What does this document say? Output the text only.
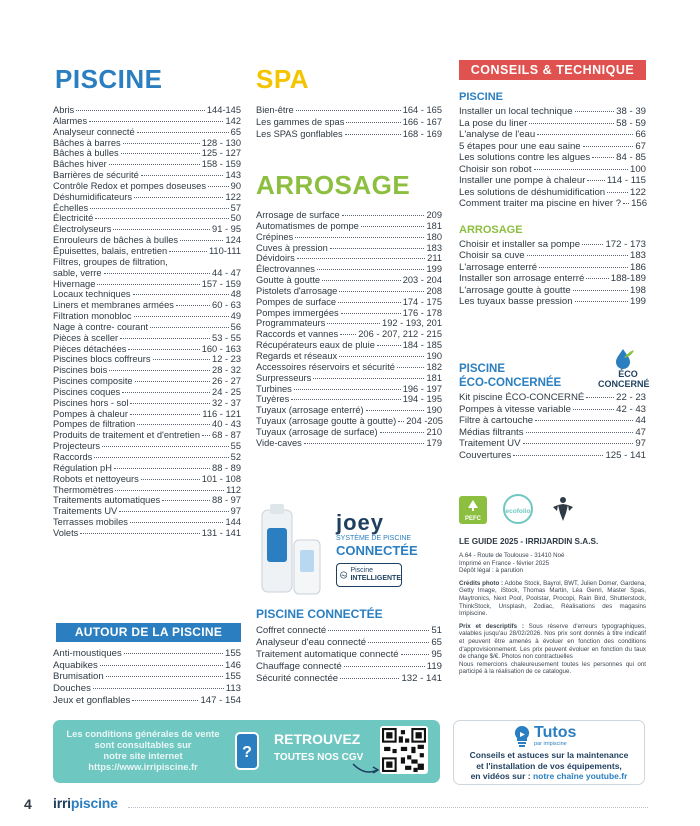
PISCINE
Abris	144-145
Alarmes	142
Analyseur connecté	65
Bâches à barres	128 - 130
Bâches à bulles	125 - 127
Bâches hiver	158 - 159
Barrières de sécurité	143
Contrôle Redox et pompes doseuses	90
Déshumidificateurs	122
Échelles	57
Électricité	50
Électrolyseurs	91 - 95
Enrouleurs de bâches à bulles	124
Épuisettes, balais, entretien	110-111
Filtres, groupes de filtration,
sable, verre	44 - 47
Hivernage	157 - 159
Locaux techniques	48
Liners et membranes armées	60 - 63
Filtration monobloc	49
Nage à contre- courant	56
Pièces à sceller	53 - 55
Pièces détachées	160 - 163
Piscines blocs coffreurs	12 - 23
Piscines bois	28 - 32
Piscines composite	26 - 27
Piscines coques	24 - 25
Piscines hors - sol	32 - 37
Pompes à chaleur	116 - 121
Pompes de filtration	40 - 43
Produits de traitement et d'entretien 68 - 87
Projecteurs	55
Raccords	52
Régulation pH	88 - 89
Robots et nettoyeurs	101 - 108
Thermomètres	112
Traitements automatiques	88 - 97
Traitements UV	97
Terrasses mobiles	144
Volets	131 - 141
AUTOUR DE LA PISCINE
Anti-moustiques	155
Aquabikes	146
Brumisation	155
Douches	113
Jeux et gonflables	147 - 154
SPA
Bien-être	164 - 165
Les gammes de spas	166 - 167
Les SPAS gonflables	168 - 169
ARROSAGE
Arrosage de surface	209
Automatismes de pompe	181
Crépines	180
Cuves à pression	183
Dévidoirs	211
Électrovannes	199
Goutte à goutte	203 - 204
Pistolets d'arrosage	208
Pompes de surface	174 - 175
Pompes immergées	176 - 178
Programmateurs	192 - 193, 201
Raccords et vannes 206 - 207, 212 - 215
Récupérateurs eaux de pluie	184 - 185
Regards et réseaux	190
Accessoires réservoirs et sécurité	182
Surpresseurs	181
Turbines	196 - 197
Tuyères	194 - 195
Tuyaux (arrosage enterré)	190
Tuyaux (arrosage goutte à goutte) 204 -205
Tuyaux (arrosage de surface)	210
Vide-caves	179
joey
SYSTÈME DE PISCINE
CONNECTÉE
Piscine
INTELLIGENTE
PISCINE CONNECTÉE
Coffret connecté	51
Analyseur d'eau connecté	65
Traitement automatique connecté	95
Chauffage connecté	119
Sécurité connectée	132 - 141
CONSEILS & TECHNIQUE
PISCINE
Installer un local technique	38 - 39
La pose du liner	58 - 59
L'analyse de l'eau	66
5 étapes pour une eau saine	67
Les solutions contre les algues	84 - 85
Choisir son robot	100
Installer une pompe à chaleur 114 - 115
Les solutions de déshumidification	122
Comment traiter ma piscine en hiver ? 156
ARROSAGE
Choisir et installer sa pompe	172 - 173
Choisir sa cuve	183
L'arrosage enterré	186
Installer son arrosage enterré	188-189
L'arrosage goutte à goutte	198
Les tuyaux basse pression	199
PISCINE
ÉCO-CONCERNÉE
ÉCO
CONCERNÉ
Kit piscine ÉCO-CONCERNÉ	22 - 23
Pompes à vitesse variable	42 - 43
Filtre à cartouche	44
Médias filtrants	47
Traitement UV	97
Couvertures	125 - 141
PEFC
ecofolio
LE GUIDE 2025 - IRRIJARDIN S.A.S.
A.64 - Route de Toulouse - 31410 Noé
Imprimé en France - février 2025
Dépôt légal : à parution
Crédits photo : Adobe Stock, Bayrol, BWT, Julien Domer, Gardena, Getty Image, iStock, Thomas Martin, Léa Genri, Master Spas, Maytronics, Next Pool, Poolstar, Procopi, Rain Bird, Shutterstock, ThinkStock, Unsplash, Zodiac, Réalisations des magasins Irripiscine.
Prix et descriptifs : Sous réserve d'erreurs typographiques, valables jusqu'au 28/02/2026. Nos prix sont donnés à titre indicatif et peuvent être amenés à évoluer en fonction des conditions d'approvisionnement. Les prix peuvent évoluer en fonction du taux de change $/€. Photos non contractuelles
Nous remercions chaleureusement toutes les personnes qui ont participé à la réalisation de ce catalogue.
Les conditions générales de vente
sont consultables sur
notre site internet
https://www.irripiscine.fr
?
RETROUVEZ
TOUTES NOS CGV
Tutos
par irripiscine
Conseils et astuces sur la maintenance
et l'installation de vos équipements,
en vidéos sur : notre chaîne youtube.fr
4 irripiscine
